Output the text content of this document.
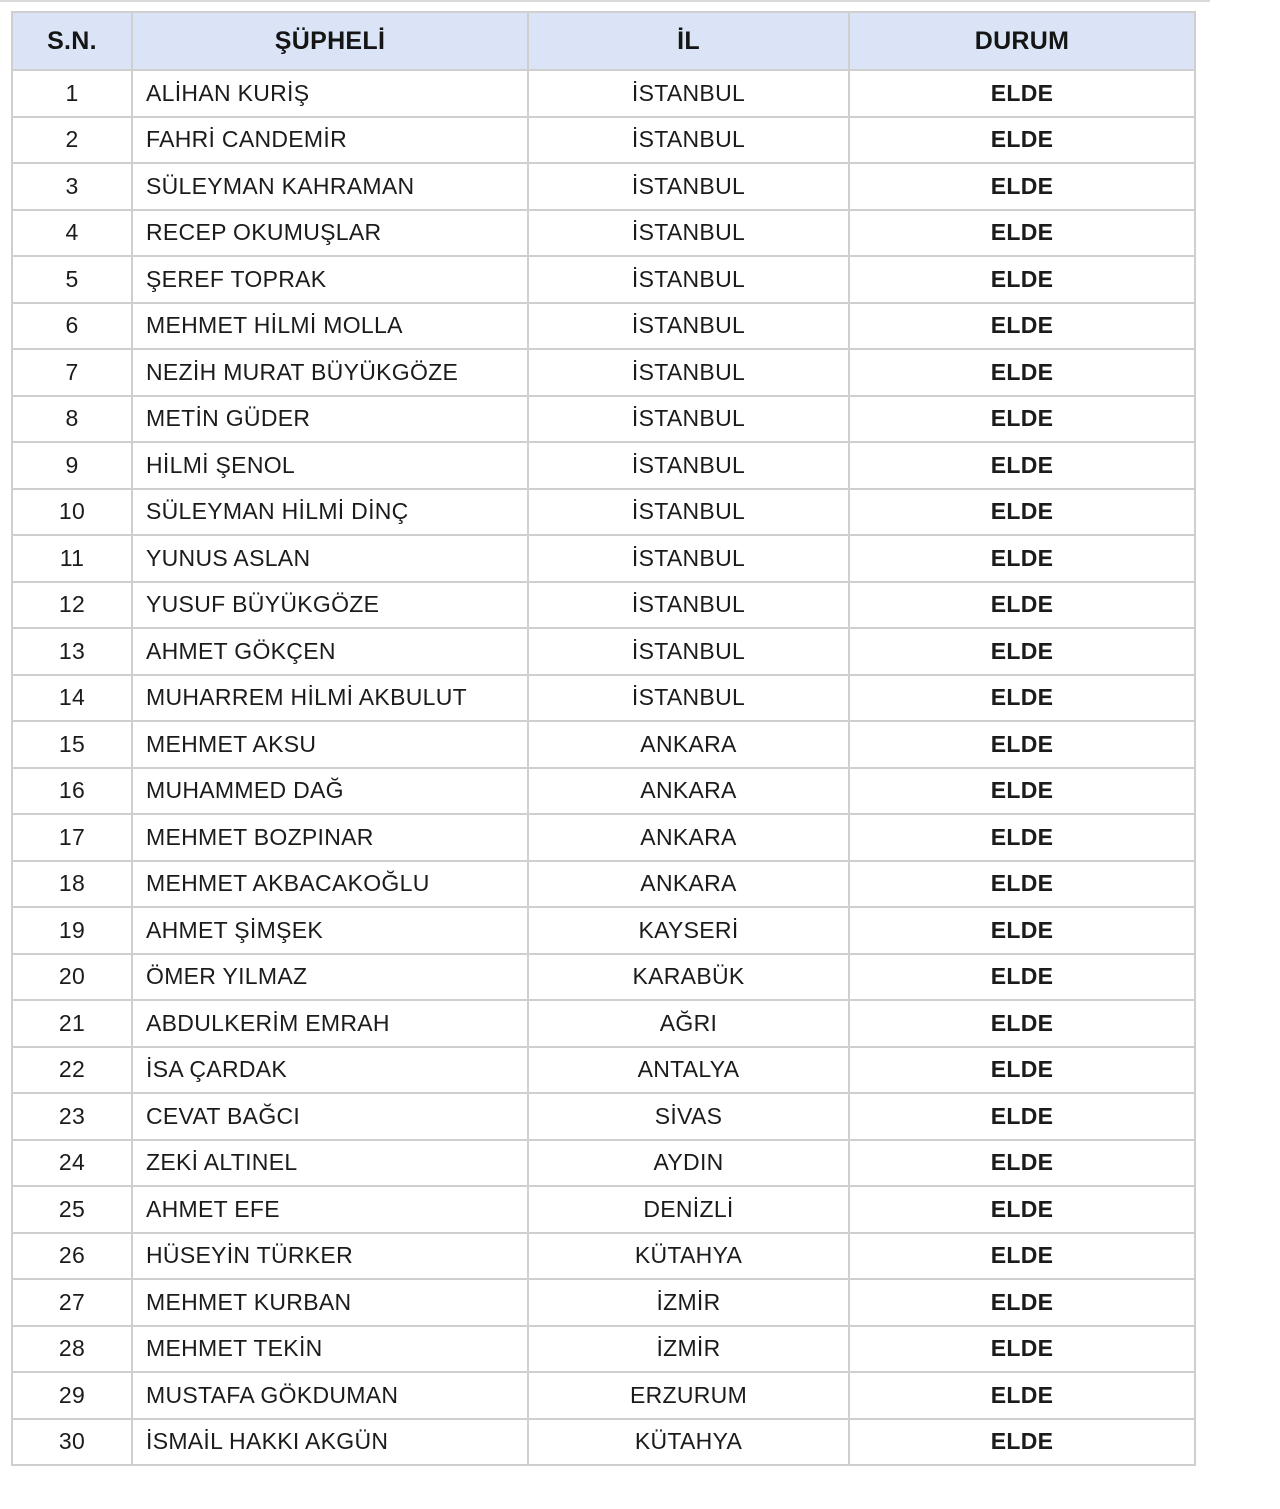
S.N.	ŞÜPHELİ	İL	DURUM
1	ALİHAN KURİŞ	İSTANBUL	ELDE
2	FAHRİ CANDEMİR	İSTANBUL	ELDE
3	SÜLEYMAN KAHRAMAN	İSTANBUL	ELDE
4	RECEP OKUMUŞLAR	İSTANBUL	ELDE
5	ŞEREF TOPRAK	İSTANBUL	ELDE
6	MEHMET HİLMİ MOLLA	İSTANBUL	ELDE
7	NEZİH MURAT BÜYÜKGÖZE	İSTANBUL	ELDE
8	METİN GÜDER	İSTANBUL	ELDE
9	HİLMİ ŞENOL	İSTANBUL	ELDE
10	SÜLEYMAN HİLMİ DİNÇ	İSTANBUL	ELDE
11	YUNUS ASLAN	İSTANBUL	ELDE
12	YUSUF BÜYÜKGÖZE	İSTANBUL	ELDE
13	AHMET GÖKÇEN	İSTANBUL	ELDE
14	MUHARREM HİLMİ AKBULUT	İSTANBUL	ELDE
15	MEHMET AKSU	ANKARA	ELDE
16	MUHAMMED DAĞ	ANKARA	ELDE
17	MEHMET BOZPINAR	ANKARA	ELDE
18	MEHMET AKBACAKOĞLU	ANKARA	ELDE
19	AHMET ŞİMŞEK	KAYSERİ	ELDE
20	ÖMER YILMAZ	KARABÜK	ELDE
21	ABDULKERİM EMRAH	AĞRI	ELDE
22	İSA ÇARDAK	ANTALYA	ELDE
23	CEVAT BAĞCI	SİVAS	ELDE
24	ZEKİ ALTINEL	AYDIN	ELDE
25	AHMET EFE	DENİZLİ	ELDE
26	HÜSEYİN TÜRKER	KÜTAHYA	ELDE
27	MEHMET KURBAN	İZMİR	ELDE
28	MEHMET TEKİN	İZMİR	ELDE
29	MUSTAFA GÖKDUMAN	ERZURUM	ELDE
30	İSMAİL HAKKI AKGÜN	KÜTAHYA	ELDE
